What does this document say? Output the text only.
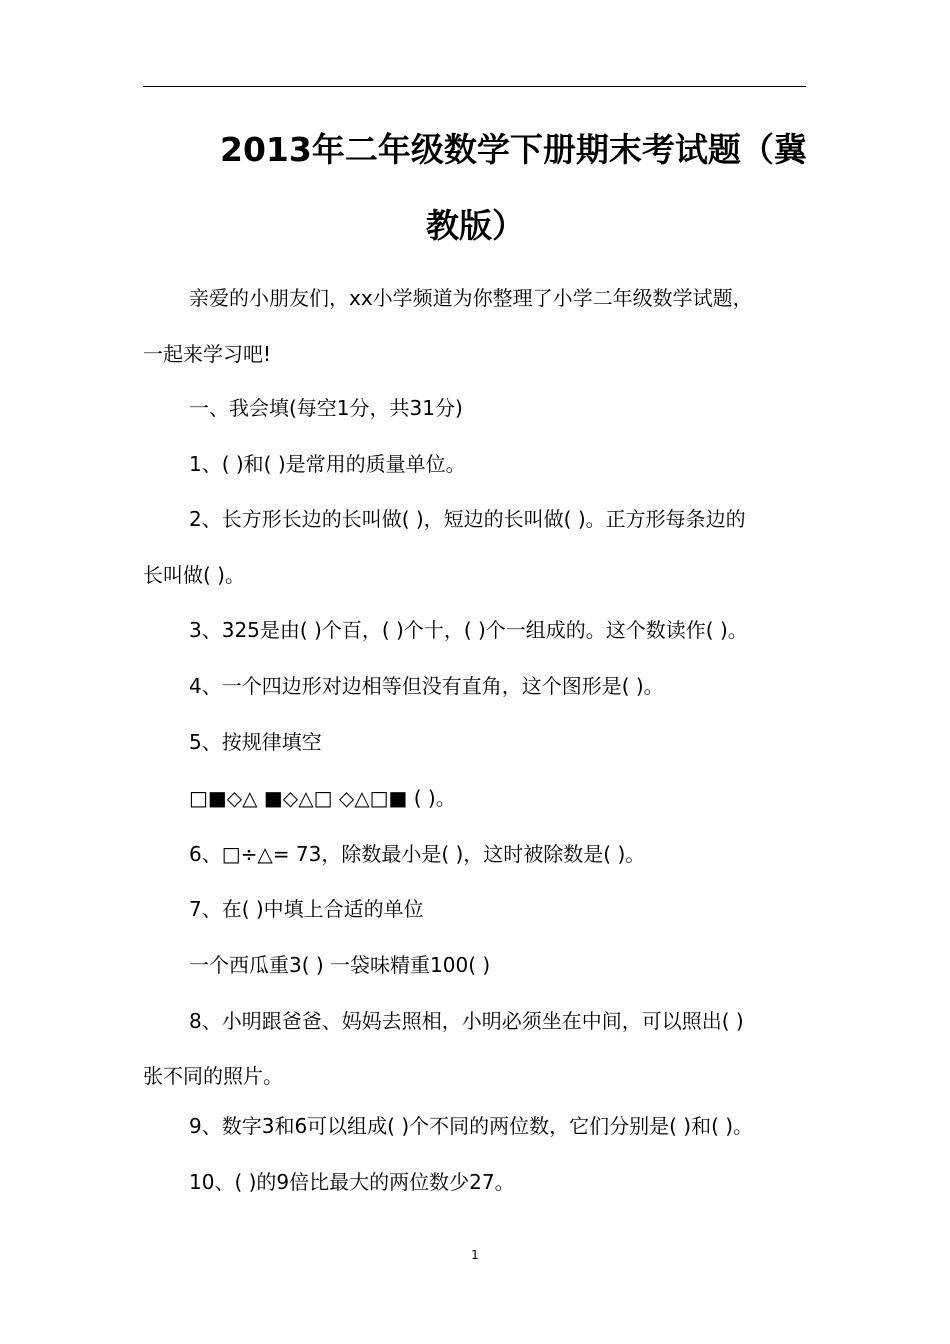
2013年二年级数学下册期末考试题（冀
教版）
亲爱的小朋友们，xx小学频道为你整理了小学二年级数学试题，
一起来学习吧!
一、我会填(每空1分，共31分)
1、( )和( )是常用的质量单位。
2、长方形长边的长叫做( )，短边的长叫做( )。正方形每条边的
长叫做( )。
3、325是由( )个百，( )个十，( )个一组成的。这个数读作( )。
4、一个四边形对边相等但没有直角，这个图形是( )。
5、按规律填空
□■◇△ ■◇△□ ◇△□■ ( )。
6、□÷△= 73，除数最小是( )，这时被除数是( )。
7、在( )中填上合适的单位
一个西瓜重3( ) 一袋味精重100( )
8、小明跟爸爸、妈妈去照相，小明必须坐在中间，可以照出( )
张不同的照片。
9、数字3和6可以组成( )个不同的两位数，它们分别是( )和( )。
10、( )的9倍比最大的两位数少27。
1
